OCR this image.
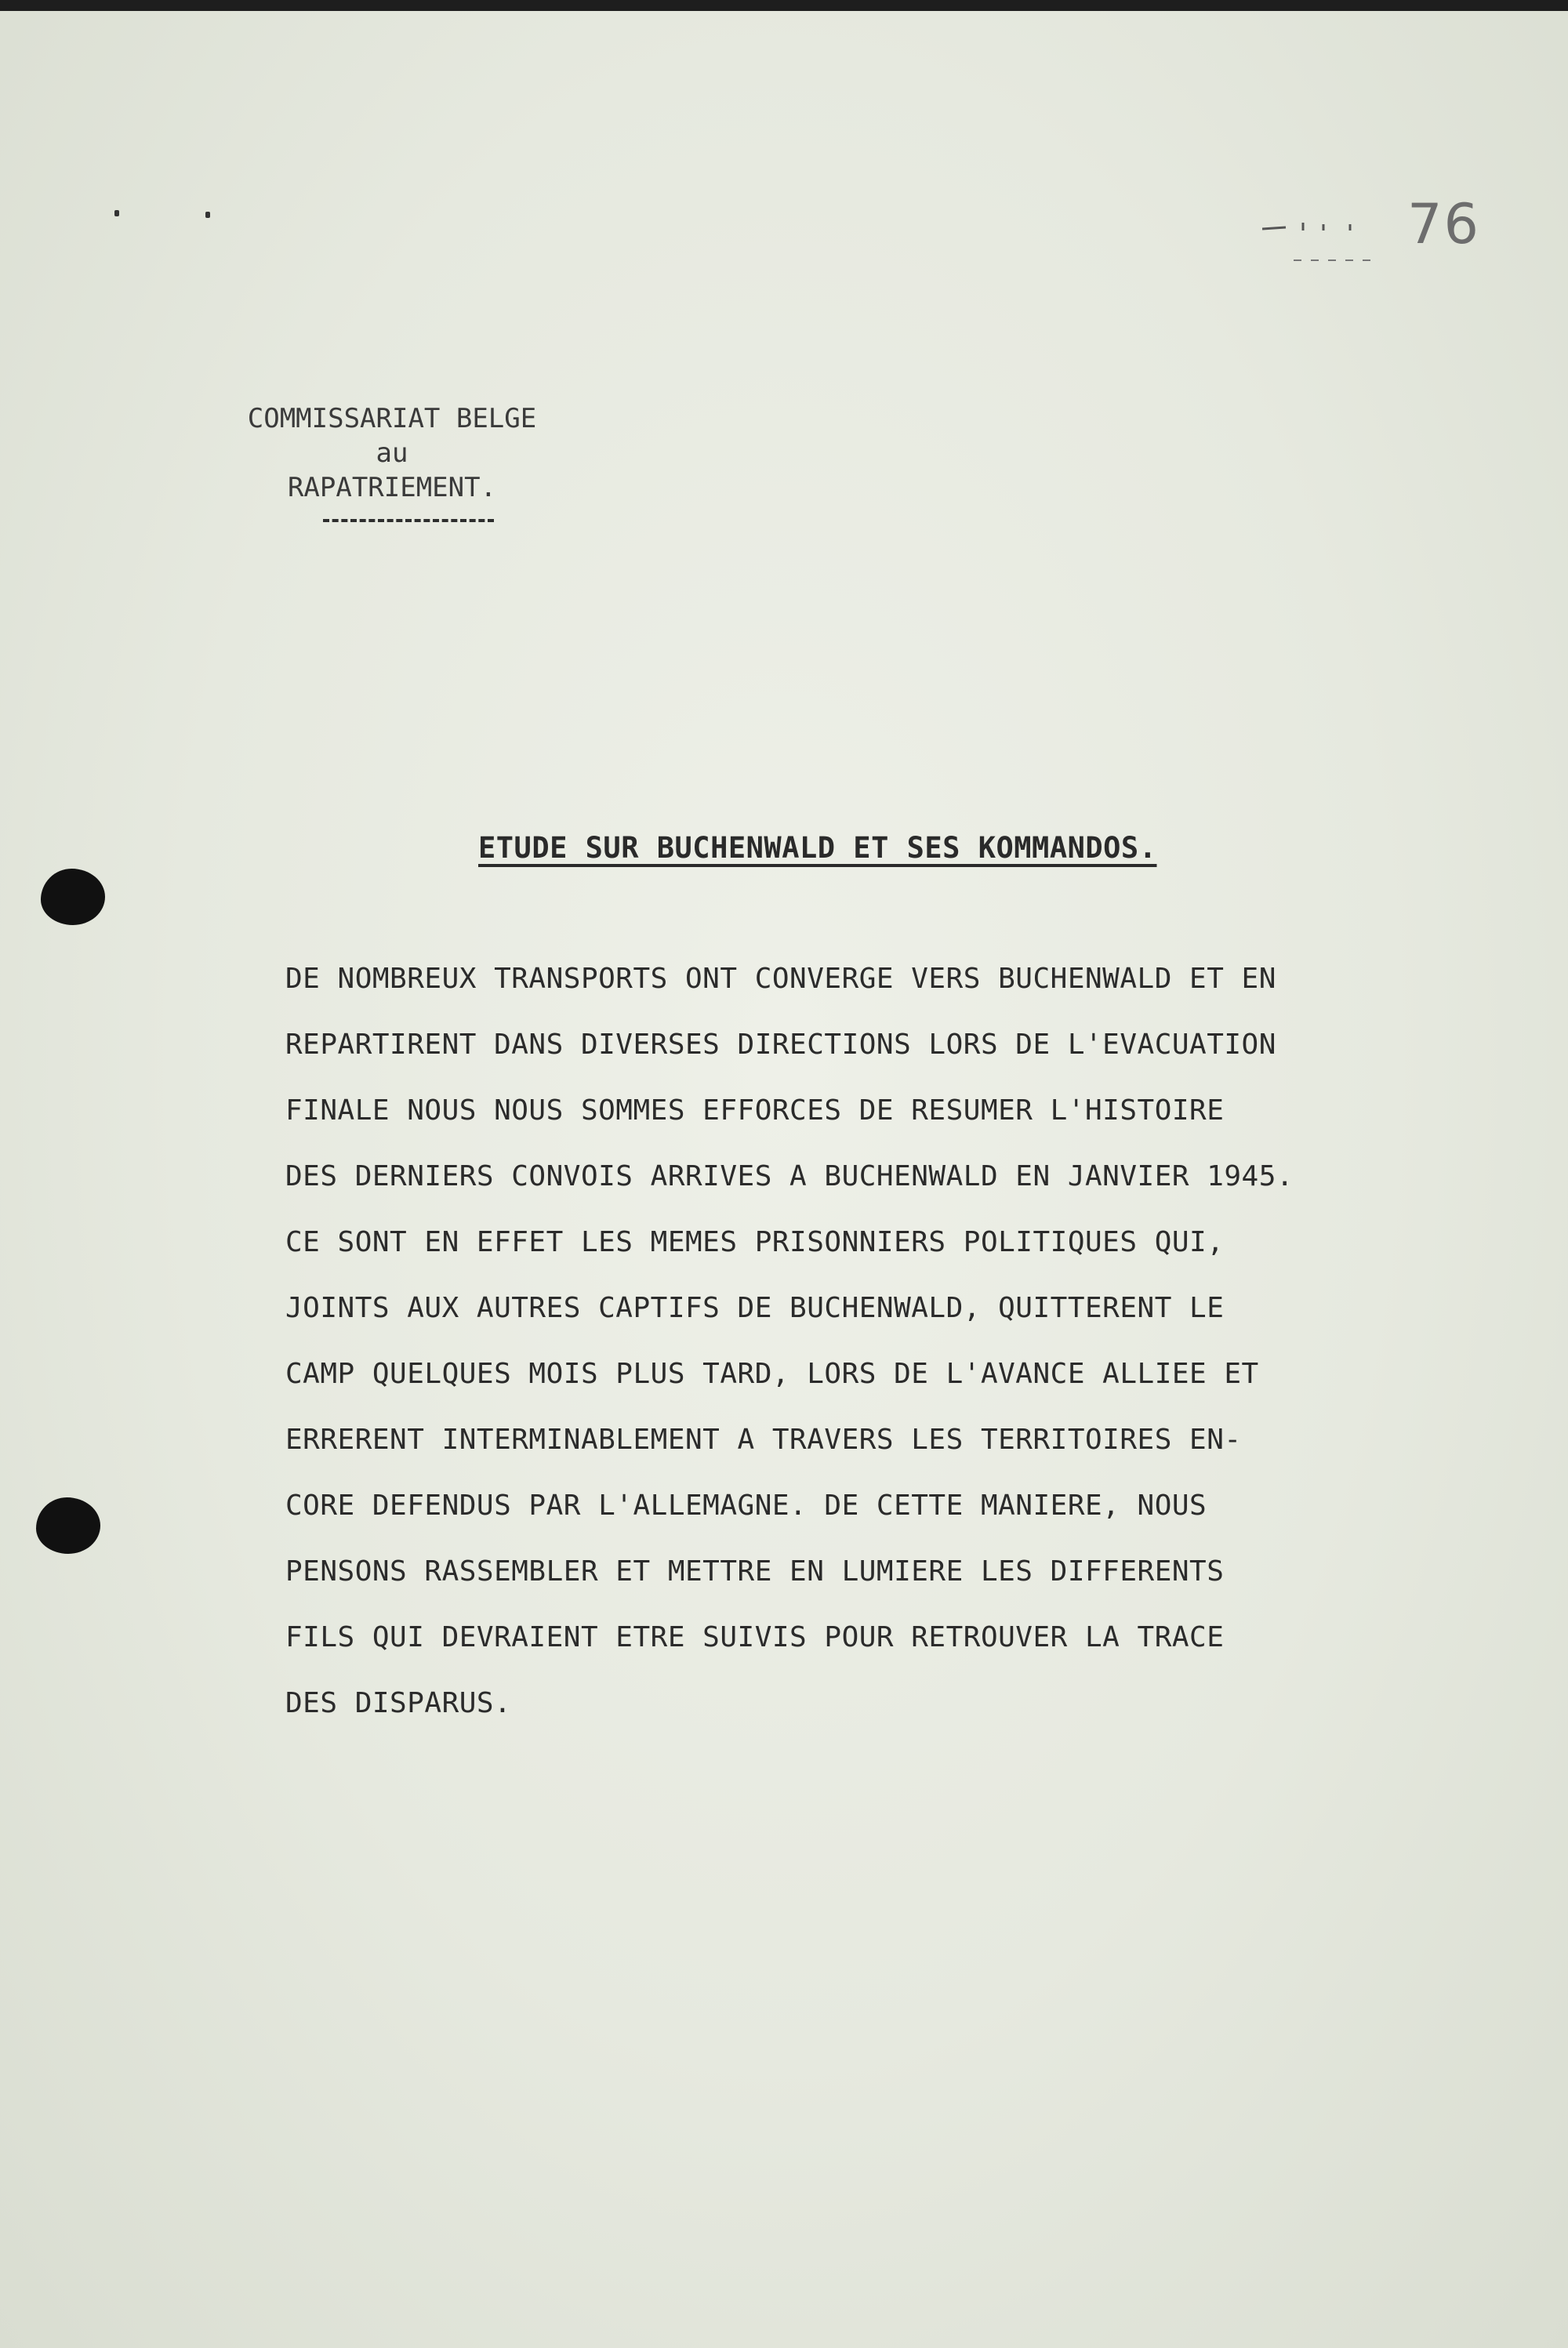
76
COMMISSARIAT BELGE
au
RAPATRIEMENT.
ETUDE SUR BUCHENWALD ET SES KOMMANDOS.
DE NOMBREUX TRANSPORTS ONT CONVERGE VERS BUCHENWALD ET EN
REPARTIRENT DANS DIVERSES DIRECTIONS LORS DE L'EVACUATION
FINALE NOUS NOUS SOMMES EFFORCES DE RESUMER L'HISTOIRE
DES DERNIERS CONVOIS ARRIVES A BUCHENWALD EN JANVIER 1945.
CE SONT EN EFFET LES MEMES PRISONNIERS POLITIQUES QUI,
JOINTS AUX AUTRES CAPTIFS DE BUCHENWALD, QUITTERENT LE
CAMP QUELQUES MOIS PLUS TARD, LORS DE L'AVANCE ALLIEE ET
ERRERENT INTERMINABLEMENT A TRAVERS LES TERRITOIRES EN-
CORE DEFENDUS PAR L'ALLEMAGNE. DE CETTE MANIERE, NOUS
PENSONS RASSEMBLER ET METTRE EN LUMIERE LES DIFFERENTS
FILS QUI DEVRAIENT ETRE SUIVIS POUR RETROUVER LA TRACE
DES DISPARUS.
